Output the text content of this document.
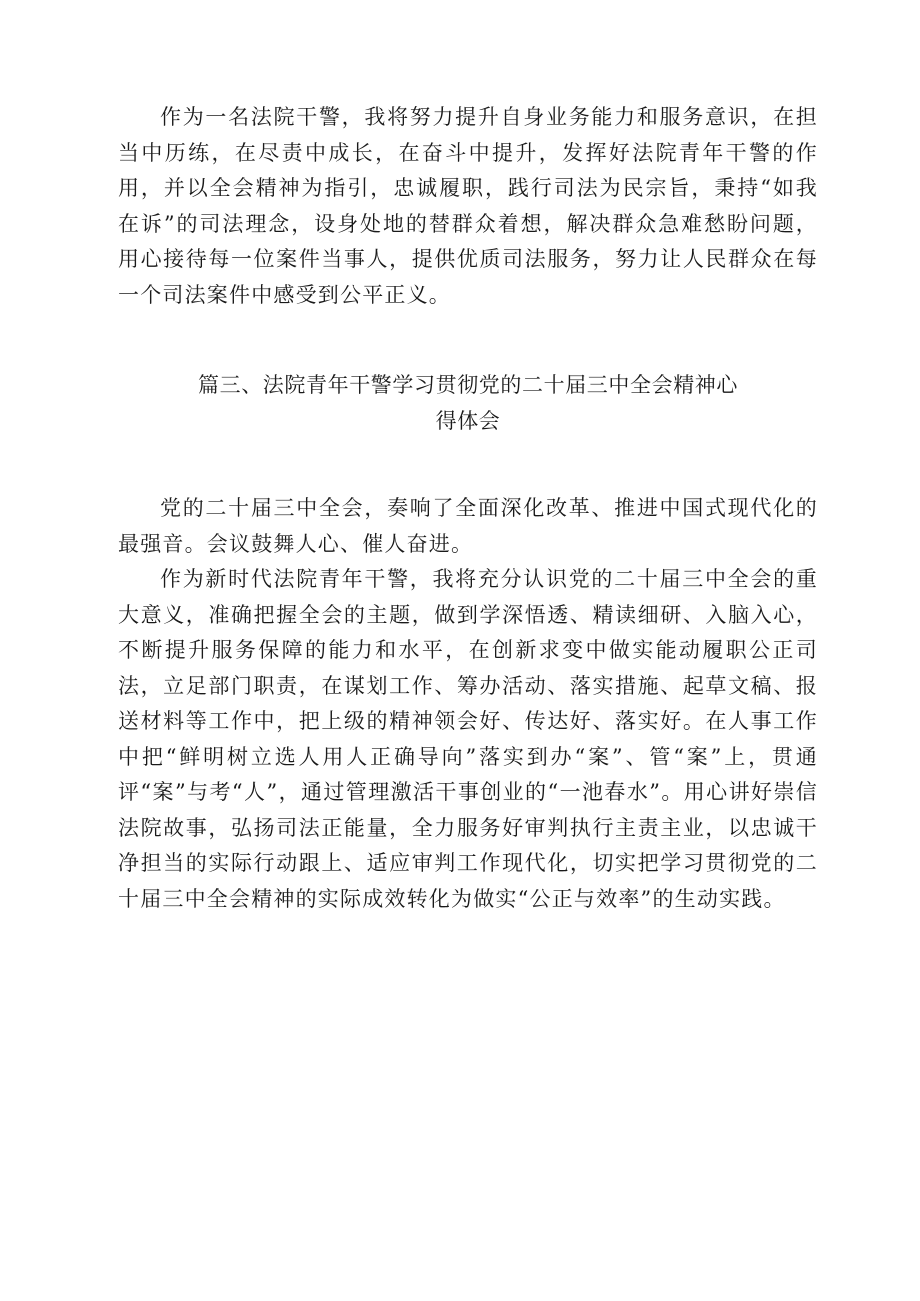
作为一名法院干警，我将努力提升自身业务能力和服务意识，在担当中历练，在尽责中成长，在奋斗中提升，发挥好法院青年干警的作用，并以全会精神为指引，忠诚履职，践行司法为民宗旨，秉持“如我在诉”的司法理念，设身处地的替群众着想，解决群众急难愁盼问题，用心接待每一位案件当事人，提供优质司法服务，努力让人民群众在每一个司法案件中感受到公平正义。

篇三、法院青年干警学习贯彻党的二十届三中全会精神心
得体会

党的二十届三中全会，奏响了全面深化改革、推进中国式现代化的最强音。会议鼓舞人心、催人奋进。

作为新时代法院青年干警，我将充分认识党的二十届三中全会的重大意义，准确把握全会的主题，做到学深悟透、精读细研、入脑入心，不断提升服务保障的能力和水平，在创新求变中做实能动履职公正司法，立足部门职责，在谋划工作、筹办活动、落实措施、起草文稿、报送材料等工作中，把上级的精神领会好、传达好、落实好。在人事工作中把“鲜明树立选人用人正确导向”落实到办“案”、管“案”上，贯通评“案”与考“人”，通过管理激活干事创业的“一池春水”。用心讲好崇信法院故事，弘扬司法正能量，全力服务好审判执行主责主业，以忠诚干净担当的实际行动跟上、适应审判工作现代化，切实把学习贯彻党的二十届三中全会精神的实际成效转化为做实“公正与效率”的生动实践。
